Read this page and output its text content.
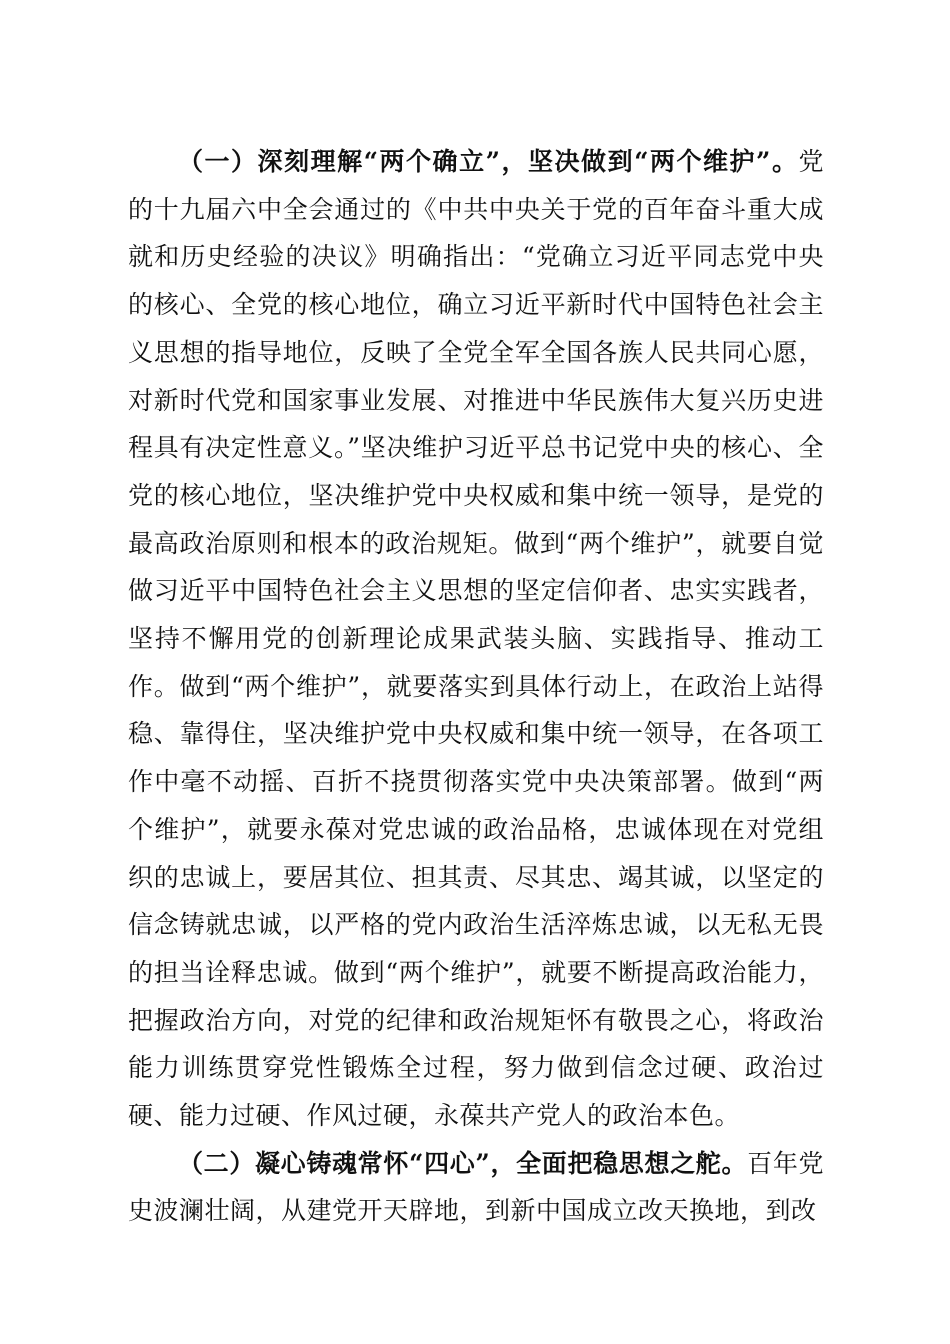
（一）深刻理解“两个确立”，坚决做到“两个维护”。党的十九届六中全会通过的《中共中央关于党的百年奋斗重大成就和历史经验的决议》明确指出：“党确立习近平同志党中央的核心、全党的核心地位，确立习近平新时代中国特色社会主义思想的指导地位，反映了全党全军全国各族人民共同心愿，对新时代党和国家事业发展、对推进中华民族伟大复兴历史进程具有决定性意义。”坚决维护习近平总书记党中央的核心、全党的核心地位，坚决维护党中央权威和集中统一领导，是党的最高政治原则和根本的政治规矩。做到“两个维护”，就要自觉做习近平中国特色社会主义思想的坚定信仰者、忠实实践者，坚持不懈用党的创新理论成果武装头脑、实践指导、推动工作。做到“两个维护”，就要落实到具体行动上，在政治上站得稳、靠得住，坚决维护党中央权威和集中统一领导，在各项工作中毫不动摇、百折不挠贯彻落实党中央决策部署。做到“两个维护”，就要永葆对党忠诚的政治品格，忠诚体现在对党组织的忠诚上，要居其位、担其责、尽其忠、竭其诚，以坚定的信念铸就忠诚，以严格的党内政治生活淬炼忠诚，以无私无畏的担当诠释忠诚。做到“两个维护”，就要不断提高政治能力，把握政治方向，对党的纪律和政治规矩怀有敬畏之心，将政治能力训练贯穿党性锻炼全过程，努力做到信念过硬、政治过硬、能力过硬、作风过硬，永葆共产党人的政治本色。

（二）凝心铸魂常怀“四心”，全面把稳思想之舵。百年党史波澜壮阔，从建党开天辟地，到新中国成立改天换地，到改
